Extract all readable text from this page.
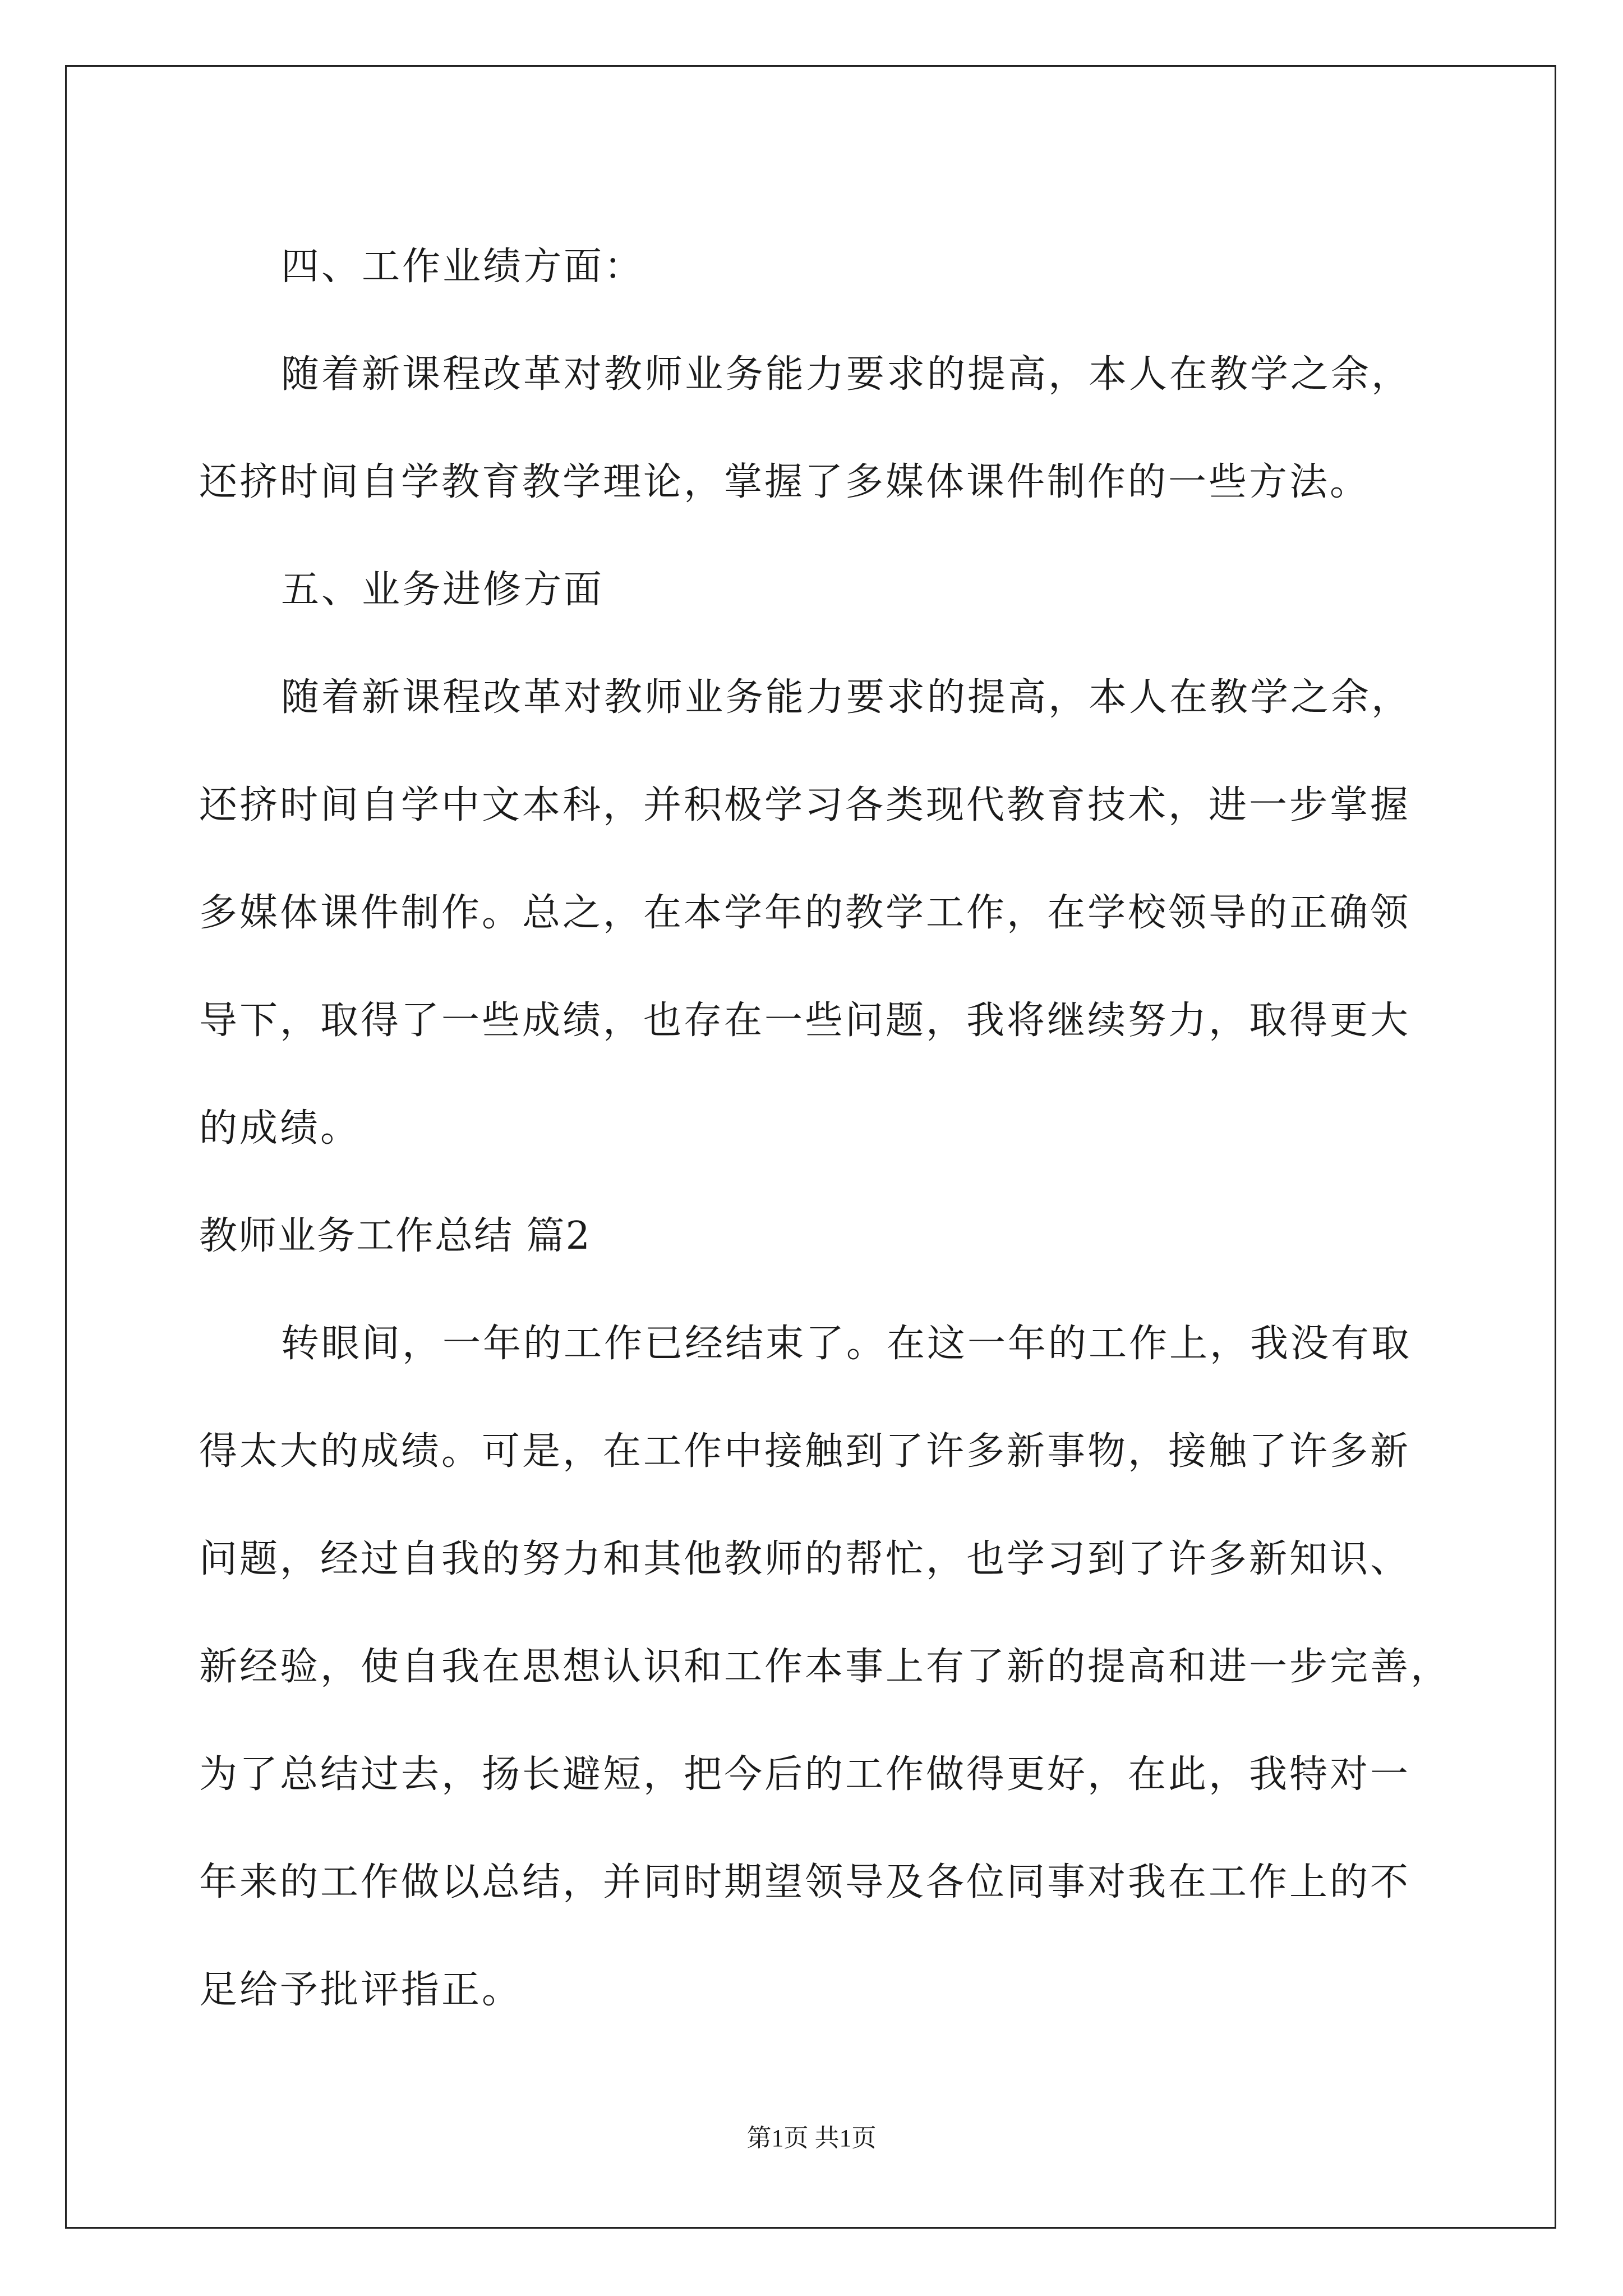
四、工作业绩方面：
随着新课程改革对教师业务能力要求的提高，本人在教学之余，
还挤时间自学教育教学理论，掌握了多媒体课件制作的一些方法。
五、业务进修方面
随着新课程改革对教师业务能力要求的提高，本人在教学之余，
还挤时间自学中文本科，并积极学习各类现代教育技术，进一步掌握
多媒体课件制作。总之，在本学年的教学工作，在学校领导的正确领
导下，取得了一些成绩，也存在一些问题，我将继续努力，取得更大
的成绩。
教师业务工作总结 篇2
转眼间，一年的工作已经结束了。在这一年的工作上，我没有取
得太大的成绩。可是，在工作中接触到了许多新事物，接触了许多新
问题，经过自我的努力和其他教师的帮忙，也学习到了许多新知识、
新经验，使自我在思想认识和工作本事上有了新的提高和进一步完善，
为了总结过去，扬长避短，把今后的工作做得更好，在此，我特对一
年来的工作做以总结，并同时期望领导及各位同事对我在工作上的不
足给予批评指正。
第1页 共1页
